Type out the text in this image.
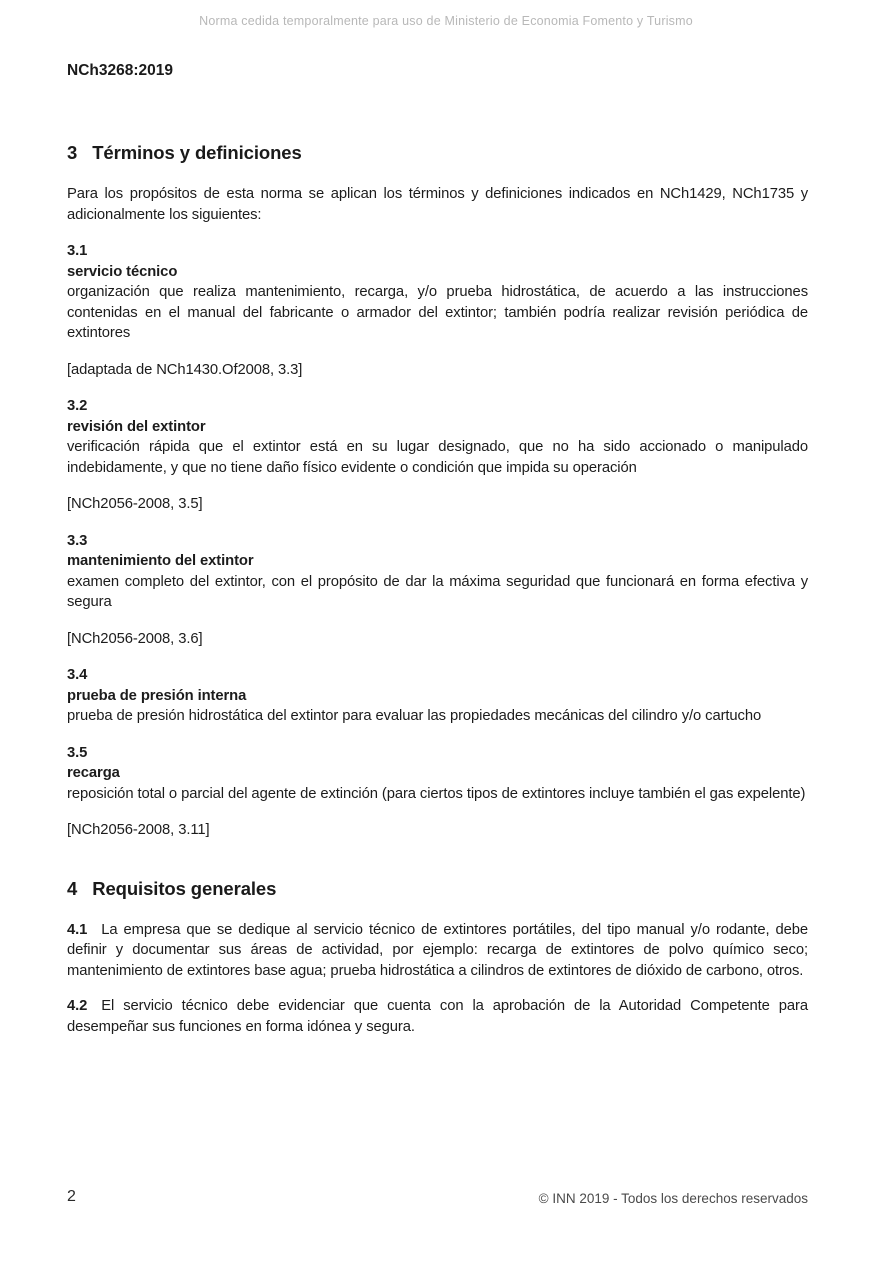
Norma cedida temporalmente para uso de Ministerio de Economia Fomento y Turismo
NCh3268:2019
3 Términos y definiciones

Para los propósitos de esta norma se aplican los términos y definiciones indicados en NCh1429, NCh1735 y adicionalmente los siguientes:

3.1
servicio técnico

organización que realiza mantenimiento, recarga, y/o prueba hidrostática, de acuerdo a las instrucciones contenidas en el manual del fabricante o armador del extintor; también podría realizar revisión periódica de extintores

[adaptada de NCh1430.Of2008, 3.3]
3.2
revisión del extintor

verificación rápida que el extintor está en su lugar designado, que no ha sido accionado o manipulado indebidamente, y que no tiene daño físico evidente o condición que impida su operación

[NCh2056-2008, 3.5]
3.3
mantenimiento del extintor

examen completo del extintor, con el propósito de dar la máxima seguridad que funcionará en forma efectiva y segura

[NCh2056-2008, 3.6]
3.4
prueba de presión interna

prueba de presión hidrostática del extintor para evaluar las propiedades mecánicas del cilindro y/o cartucho

3.5
recarga

reposición total o parcial del agente de extinción (para ciertos tipos de extintores incluye también el gas expelente)

[NCh2056-2008, 3.11]
4 Requisitos generales

4.1 La empresa que se dedique al servicio técnico de extintores portátiles, del tipo manual y/o rodante, debe definir y documentar sus áreas de actividad, por ejemplo: recarga de extintores de polvo químico seco; mantenimiento de extintores base agua; prueba hidrostática a cilindros de extintores de dióxido de carbono, otros.

4.2 El servicio técnico debe evidenciar que cuenta con la aprobación de la Autoridad Competente para desempeñar sus funciones en forma idónea y segura.

2	© INN 2019 - Todos los derechos reservados
